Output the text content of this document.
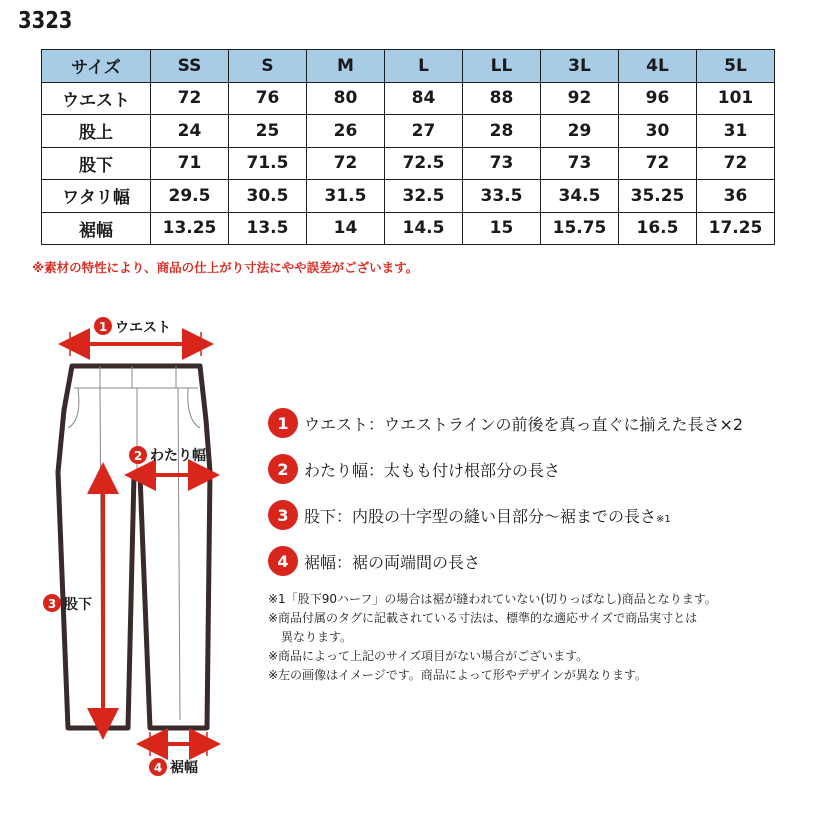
3323
サイズ	SS	S	M	L	LL	3L	4L	5L
ウエスト	72	76	80	84	88	92	96	101
股上	24	25	26	27	28	29	30	31
股下	71	71.5	72	72.5	73	73	72	72
ワタリ幅	29.5	30.5	31.5	32.5	33.5	34.5	35.25	36
裾幅	13.25	13.5	14	14.5	15	15.75	16.5	17.25
※素材の特性により、商品の仕上がり寸法にやや誤差がございます。
1 ウエスト
2 わたり幅
3 股下
4 裾幅
1 ウエスト：ウエストラインの前後を真っ直ぐに揃えた長さ×2
2 わたり幅：太もも付け根部分の長さ
3 股下：内股の十字型の縫い目部分～裾までの長さ※1
4 裾幅：裾の両端間の長さ
※1「股下90ハーフ」の場合は裾が縫われていない(切りっぱなし)商品となります。
※商品付属のタグに記載されている寸法は、標準的な適応サイズで商品実寸とは
異なります。
※商品によって上記のサイズ項目がない場合がございます。
※左の画像はイメージです。商品によって形やデザインが異なります。
